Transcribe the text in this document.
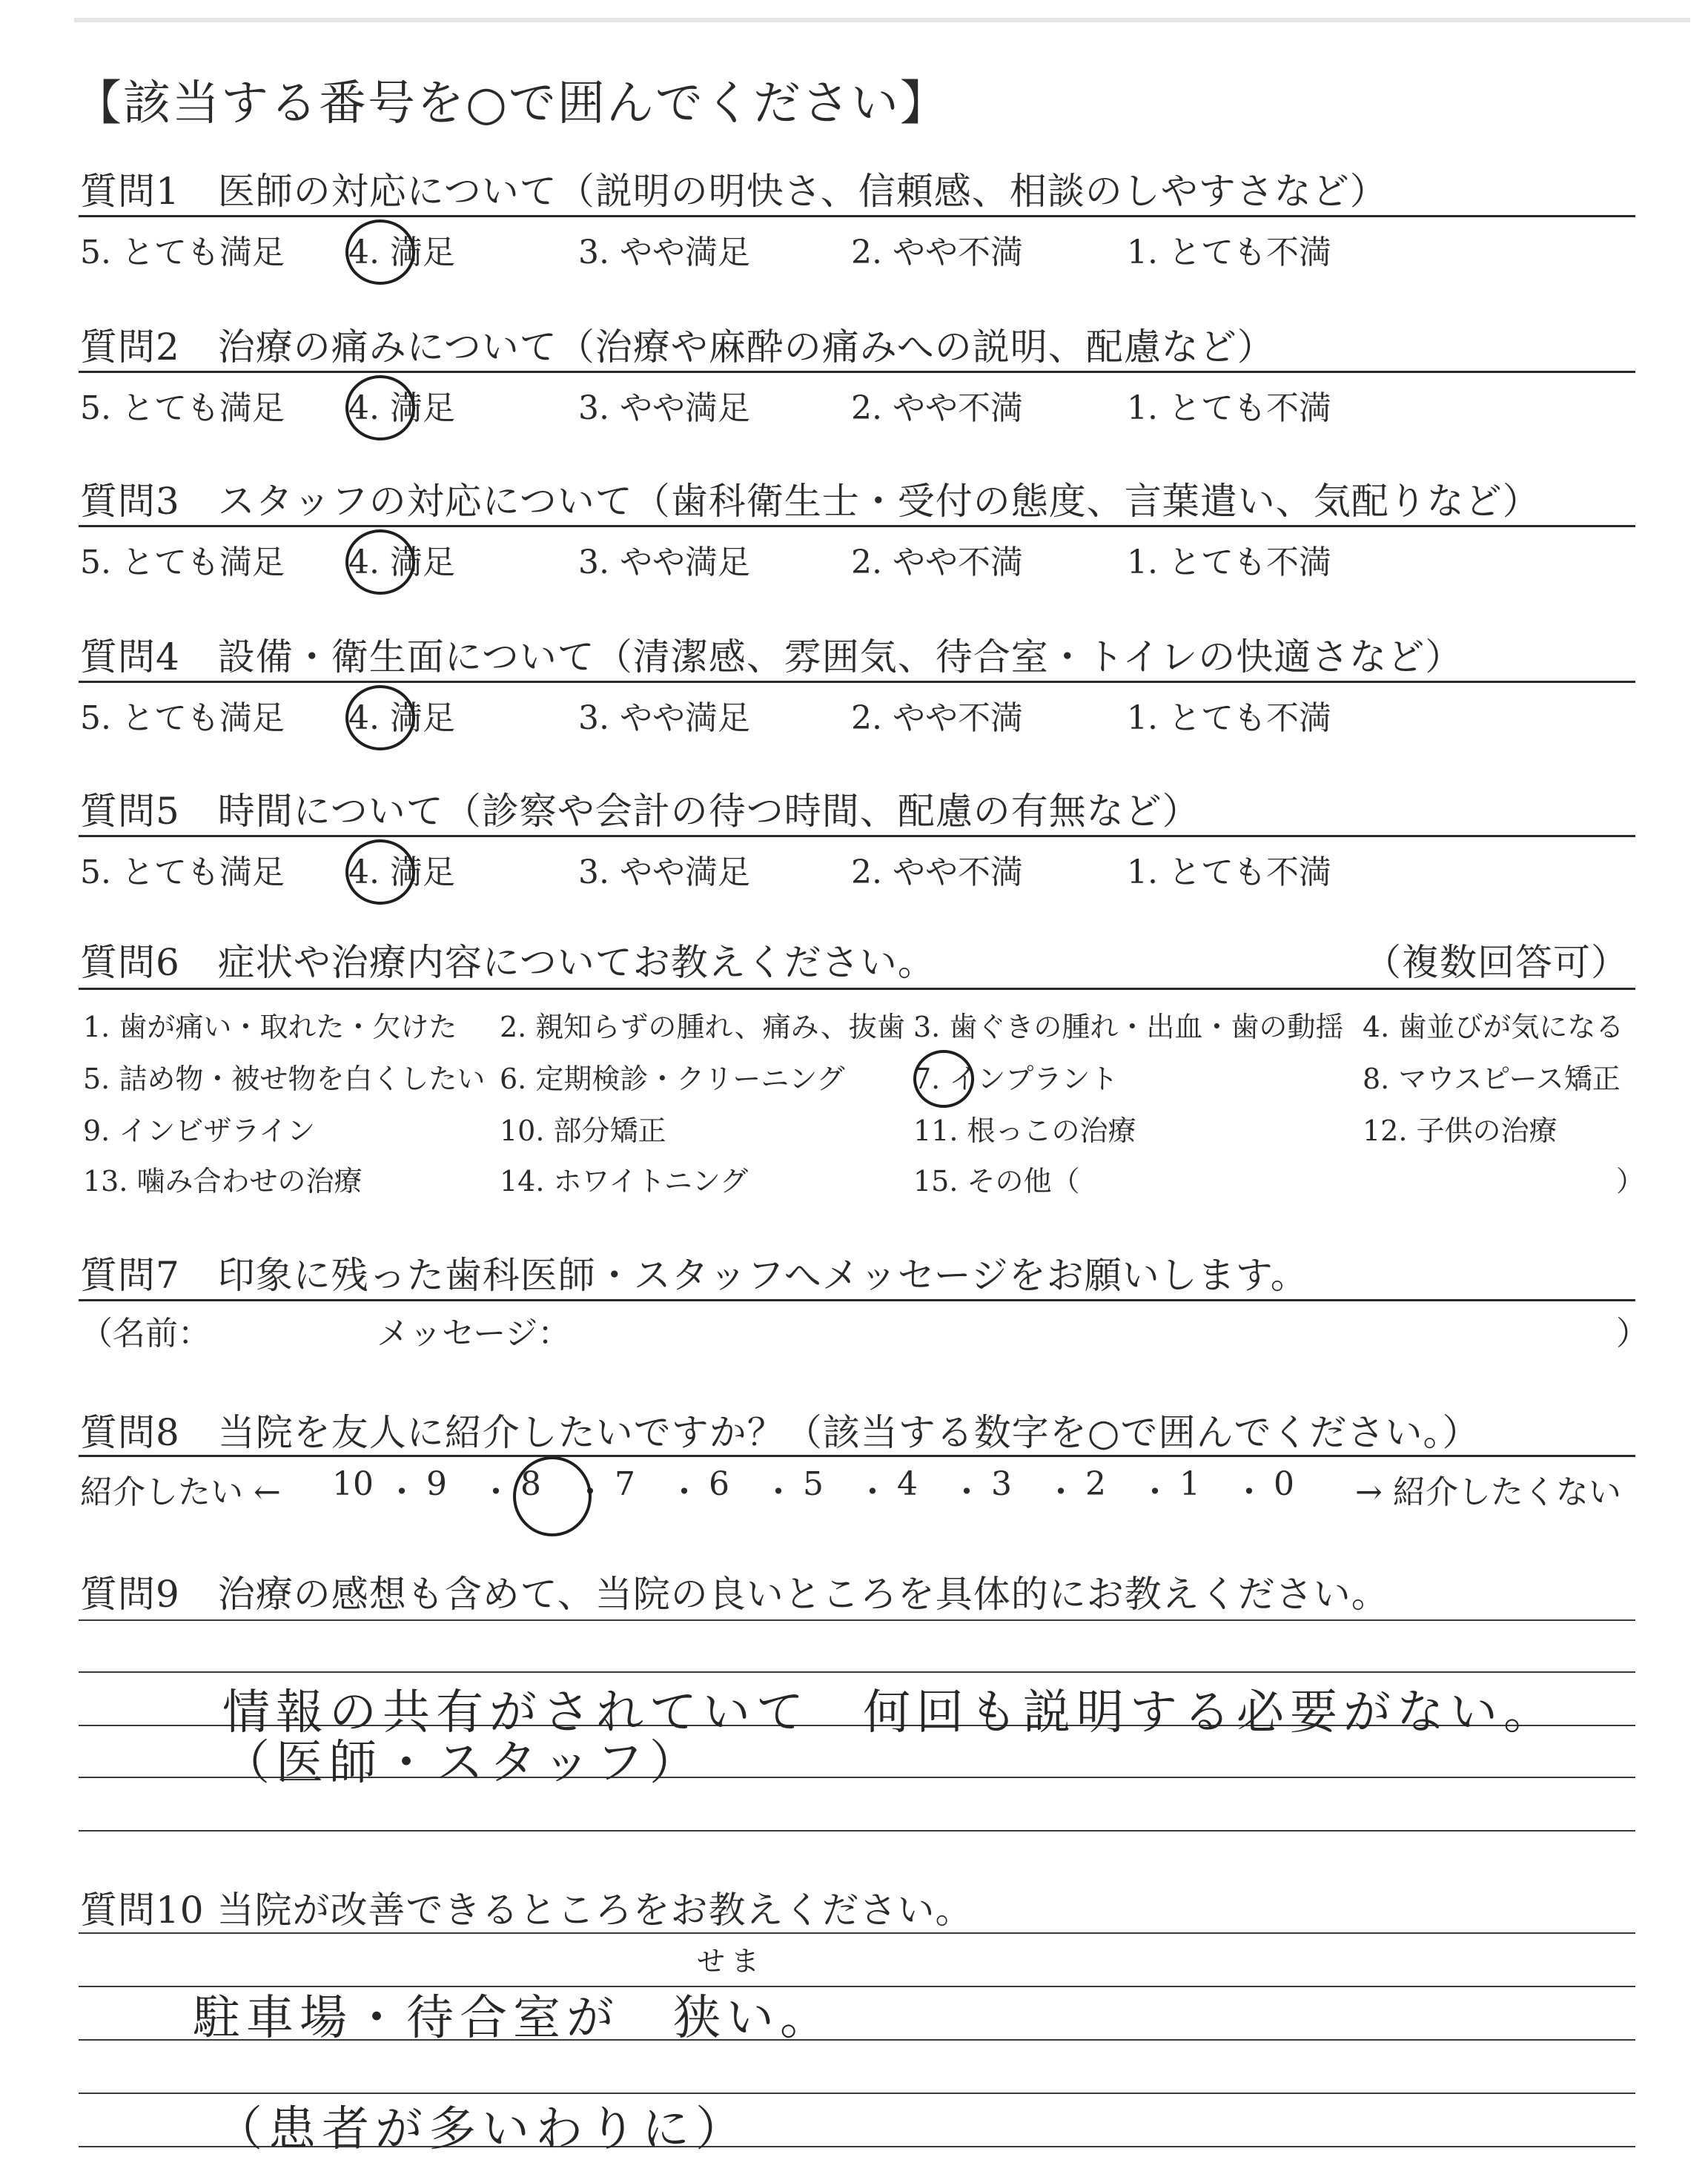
【該当する番号を○で囲んでください】
質問1　医師の対応について（説明の明快さ、信頼感、相談のしやすさなど）
5. とても満足 4. 満足	3. やや満足	2. やや不満	1. とても不満
質問2　治療の痛みについて（治療や麻酔の痛みへの説明、配慮など）
5. とても満足 4. 満足	3. やや満足	2. やや不満	1. とても不満
質問3　スタッフの対応について（歯科衛生士・受付の態度、言葉遣い、気配りなど）
5. とても満足 4. 満足	3. やや満足	2. やや不満	1. とても不満
質問4　設備・衛生面について（清潔感、雰囲気、待合室・トイレの快適さなど）
5. とても満足 4. 満足	3. やや満足	2. やや不満	1. とても不満
質問5　時間について（診察や会計の待つ時間、配慮の有無など）
5. とても満足 4. 満足	3. やや満足	2. やや不満	1. とても不満
質問6　症状や治療内容についてお教えください。	（複数回答可）
1. 歯が痛い・取れた・欠けた 2. 親知らずの腫れ、痛み、抜歯 3. 歯ぐきの腫れ・出血・歯の動揺 4. 歯並びが気になる
5. 詰め物・被せ物を白くしたい 6. 定期検診・クリーニング 7. インプラント	8. マウスピース矯正
9. インビザライン	10. 部分矯正	11. 根っこの治療	12. 子供の治療
13. 噛み合わせの治療	14. ホワイトニング	15. その他（	）
質問7　印象に残った歯科医師・スタッフへメッセージをお願いします。
（名前：	メッセージ：	）
質問8　当院を友人に紹介したいですか？（該当する数字を○で囲んでください。）
紹介したい ← 10 ・ 9 ・ 8 ・ 7 ・ 6 ・ 5 ・ 4 ・ 3 ・ 2 ・ 1 ・ 0 → 紹介したくない
質問9　治療の感想も含めて、当院の良いところを具体的にお教えください。
情報の共有がされていて　何回も説明する必要がない。
（医師・スタッフ）
質問10 当院が改善できるところをお教えください。
せま
駐車場・待合室が　狭い。
（患者が多いわりに）
